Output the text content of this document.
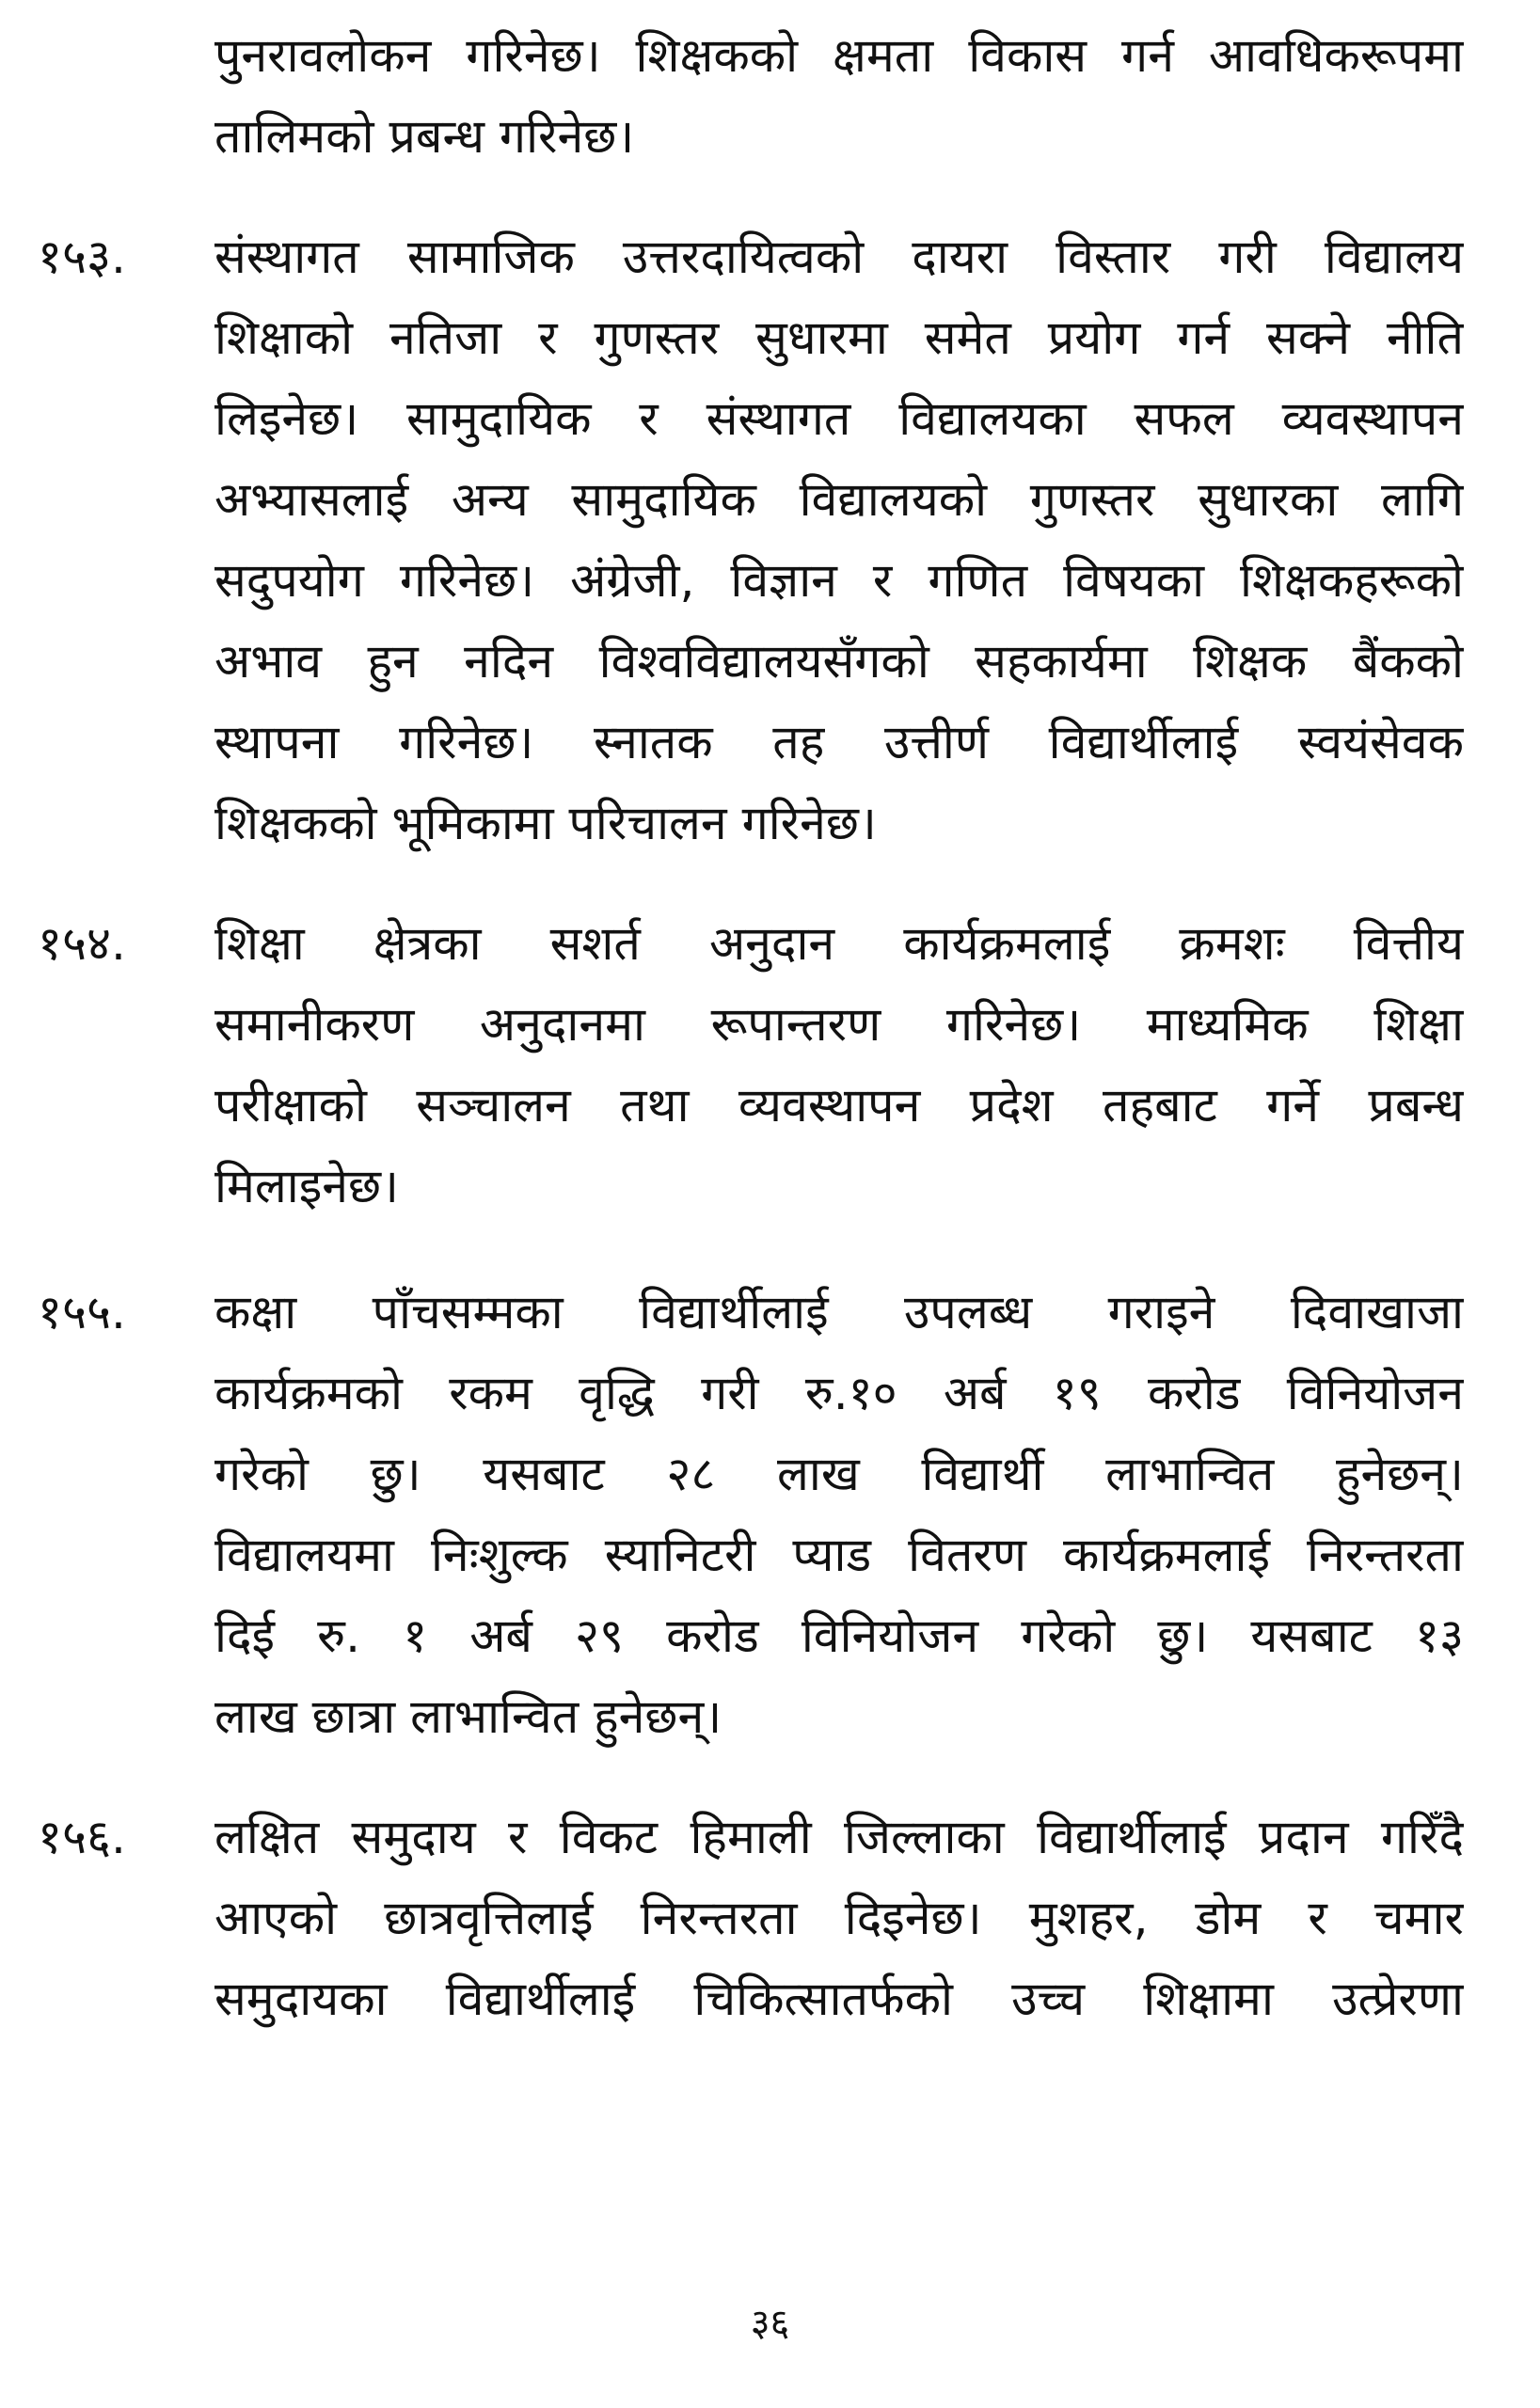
पुनरावलोकन गरिनेछ। शिक्षकको क्षमता विकास गर्न आवधिकरूपमा
तालिमको प्रबन्ध गरिनेछ।
१५३.	संस्थागत सामाजिक उत्तरदायित्वको दायरा विस्तार गरी विद्यालय
शिक्षाको नतिजा र गुणस्तर सुधारमा समेत प्रयोग गर्न सक्ने नीति
लिइनेछ। सामुदायिक र संस्थागत विद्यालयका सफल व्यवस्थापन
अभ्यासलाई अन्य सामुदायिक विद्यालयको गुणस्तर सुधारका लागि
सदुपयोग गरिनेछ। अंग्रेजी, विज्ञान र गणित विषयका शिक्षकहरूको
अभाव हुन नदिन विश्वविद्यालयसँगको सहकार्यमा शिक्षक बैंकको
स्थापना गरिनेछ। स्नातक तह उत्तीर्ण विद्यार्थीलाई स्वयंसेवक
शिक्षकको भूमिकामा परिचालन गरिनेछ।
१५४.	शिक्षा क्षेत्रका सशर्त अनुदान कार्यक्रमलाई क्रमशः वित्तीय
समानीकरण अनुदानमा रूपान्तरण गरिनेछ। माध्यमिक शिक्षा
परीक्षाको सञ्चालन तथा व्यवस्थापन प्रदेश तहबाट गर्ने प्रबन्ध
मिलाइनेछ।
१५५.	कक्षा पाँचसम्मका विद्यार्थीलाई उपलब्ध गराइने दिवाखाजा
कार्यक्रमको रकम वृद्धि गरी रु.१० अर्ब १९ करोड विनियोजन
गरेको छु। यसबाट २८ लाख विद्यार्थी लाभान्वित हुनेछन्।
विद्यालयमा निःशुल्क स्यानिटरी प्याड वितरण कार्यक्रमलाई निरन्तरता
दिई रु. १ अर्ब २९ करोड विनियोजन गरेको छु। यसबाट १३
लाख छात्रा लाभान्वित हुनेछन्।
१५६.	लक्षित समुदाय र विकट हिमाली जिल्लाका विद्यार्थीलाई प्रदान गरिँदै
आएको छात्रवृत्तिलाई निरन्तरता दिइनेछ। मुशहर, डोम र चमार
समुदायका विद्यार्थीलाई चिकित्सातर्फको उच्च शिक्षामा उत्प्रेरणा
३६
